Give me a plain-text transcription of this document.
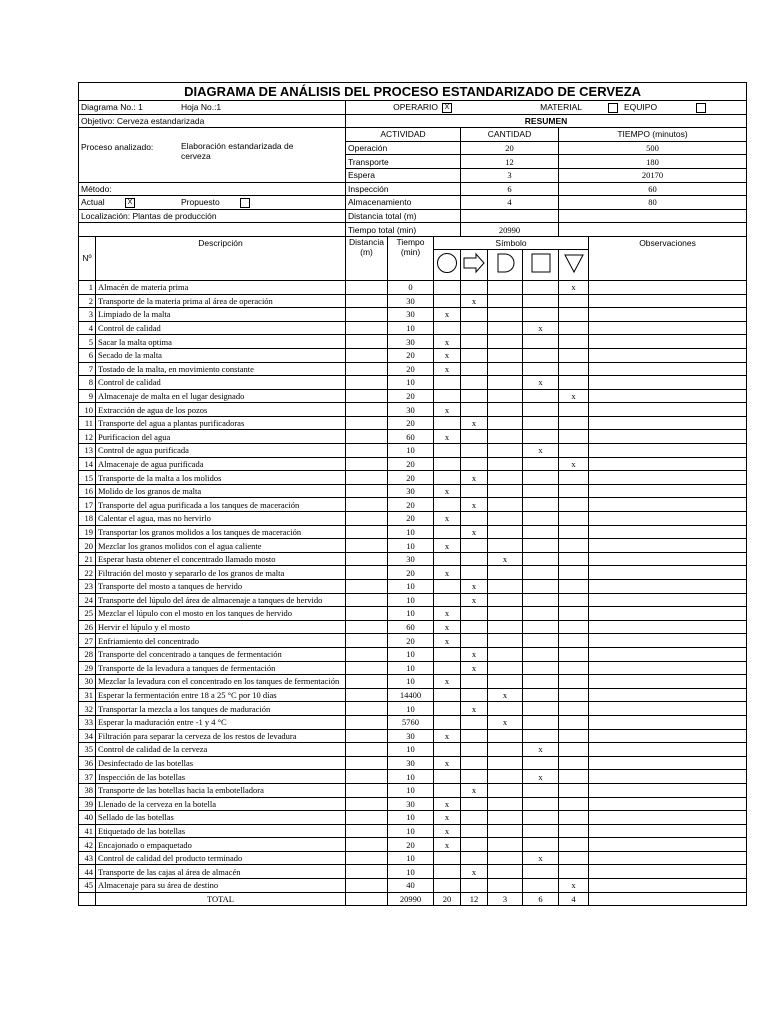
DIAGRAMA DE ANÁLISIS DEL PROCESO ESTANDARIZADO DE CERVEZA									
Diagrama No.: 1 Hoja No.:1		OPERARIO X MATERIAL EQUIPO							
Objetivo: Cerveza estandarizada		RESUMEN							
		ACTIVIDAD			CANTIDAD			TIEMPO (minutos)	
Proceso analizado: Elaboración estandarizada de cerveza		Operación			20			500	
		Transporte			12			180	
		Espera			3			20170	
Método:		Inspección			6			60	
Actual X Propuesto		Almacenamiento			4			80	
Localización: Plantas de producción		Distancia total (m)							
		Tiempo total (min)			20990				
Nº	Descripción	Distancia (m)	Tiempo (min)	Símbolo					Observaciones

1	Almacén de materia prima		0					x	
2	Transporte de la materia prima al área de operación		30		x				
3	Limpiado de la malta		30	x					
4	Control de calidad		10				x		
5	Sacar la malta optima		30	x					
6	Secado de la malta		20	x					
7	Tostado de la malta, en movimiento constante		20	x					
8	Control de calidad		10				x		
9	Almacenaje de malta en el lugar designado		20					x	
10	Extracción de agua de los pozos		30	x					
11	Transporte del agua a plantas purificadoras		20		x				
12	Purificacion del agua		60	x					
13	Control de agua purificada		10				x		
14	Almacenaje de agua purificada		20					x	
15	Transporte de la malta a los molidos		20		x				
16	Molido de los granos de malta		30	x					
17	Transporte del agua purificada a los tanques de maceración		20		x				
18	Calentar el agua, mas no hervirlo		20	x					
19	Transportar los granos molidos a los tanques de maceración		10		x				
20	Mezclar los granos molidos con el agua caliente		10	x					
21	Esperar hasta obtener el concentrado llamado mosto		30			x			
22	Filtración del mosto y separarlo de los granos de malta		20	x					
23	Transporte del mosto a tanques de hervido		10		x				
24	Transporte del lúpulo del área de almacenaje a tanques de hervido		10		x				
25	Mezclar el lúpulo con el mosto en los tanques de hervido		10	x					
26	Hervir el lúpulo y el mosto		60	x					
27	Enfriamiento del concentrado		20	x					
28	Transporte del concentrado a tanques de fermentación		10		x				
29	Transporte de la levadura a tanques de fermentación		10		x				
30	Mezclar la levadura con el concentrado en los tanques de fermentación		10	x					
31	Esperar la fermentación entre 18 a 25 °C por 10 días		14400			x			
32	Transportar la mezcla a los tanques de maduración		10		x				
33	Esperar la maduración entre -1 y 4 °C		5760			x			
34	Filtración para separar la cerveza de los restos de levadura		30	x					
35	Control de calidad de la cerveza		10				x		
36	Desinfectado de las botellas		30	x					
37	Inspección de las botellas		10				x		
38	Transporte de las botellas hacia la embotelladora		10		x				
39	Llenado de la cerveza en la botella		30	x					
40	Sellado de las botellas		10	x					
41	Etiquetado de las botellas		10	x					
42	Encajonado o empaquetado		20	x					
43	Control de calidad del producto terminado		10				x		
44	Transporte de las cajas al área de almacén		10		x				
45	Almacenaje para su área de destino		40					x	
	TOTAL		20990	20	12	3	6	4	
